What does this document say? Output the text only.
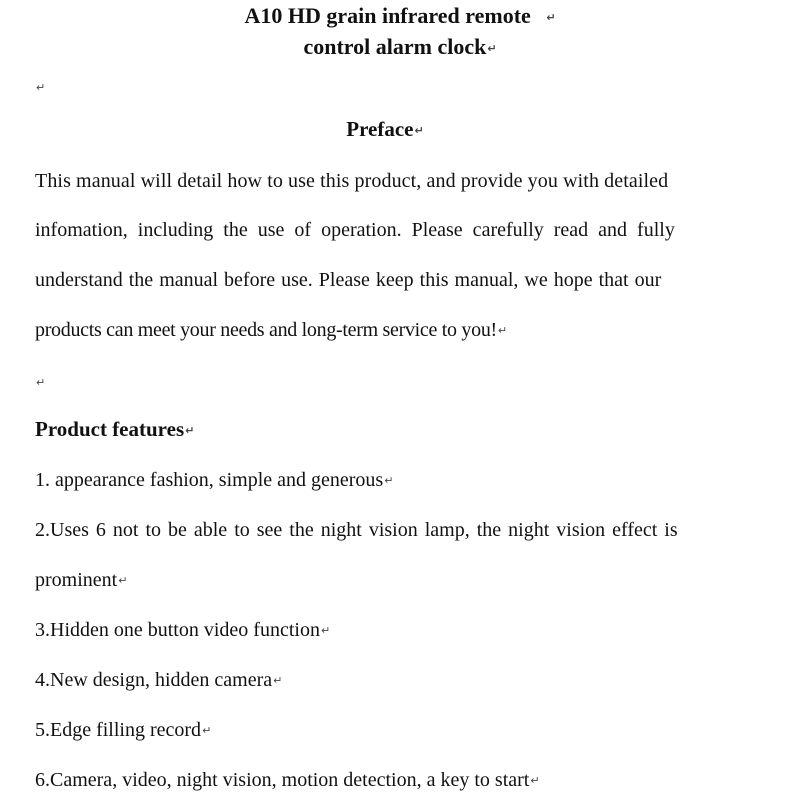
A10 HD grain infrared remote ↵
control alarm clock↵
↵
Preface↵
This manual will detail how to use this product, and provide you with detailed
infomation, including the use of operation. Please carefully read and fully
understand the manual before use. Please keep this manual, we hope that our
products can meet your needs and long-term service to you!↵
↵
Product features↵
1. appearance fashion, simple and generous↵
2.Uses 6 not to be able to see the night vision lamp, the night vision effect is
prominent↵
3.Hidden one button video function↵
4.New design, hidden camera↵
5.Edge filling record↵
6.Camera, video, night vision, motion detection, a key to start↵
